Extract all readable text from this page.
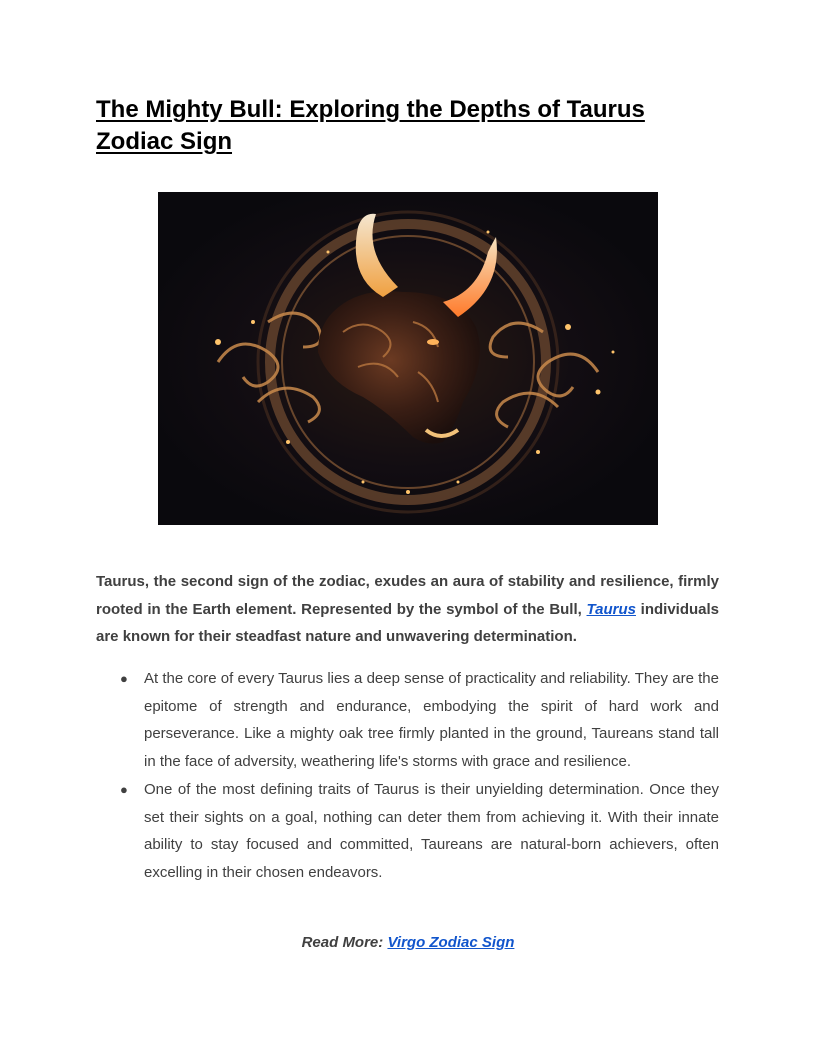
The Mighty Bull: Exploring the Depths of Taurus Zodiac Sign

Taurus, the second sign of the zodiac, exudes an aura of stability and resilience, firmly rooted in the Earth element. Represented by the symbol of the Bull, Taurus individuals are known for their steadfast nature and unwavering determination.

● At the core of every Taurus lies a deep sense of practicality and reliability. They are the epitome of strength and endurance, embodying the spirit of hard work and perseverance. Like a mighty oak tree firmly planted in the ground, Taureans stand tall in the face of adversity, weathering life's storms with grace and resilience.
● One of the most defining traits of Taurus is their unyielding determination. Once they set their sights on a goal, nothing can deter them from achieving it. With their innate ability to stay focused and committed, Taureans are natural-born achievers, often excelling in their chosen endeavors.
Read More: Virgo Zodiac Sign
